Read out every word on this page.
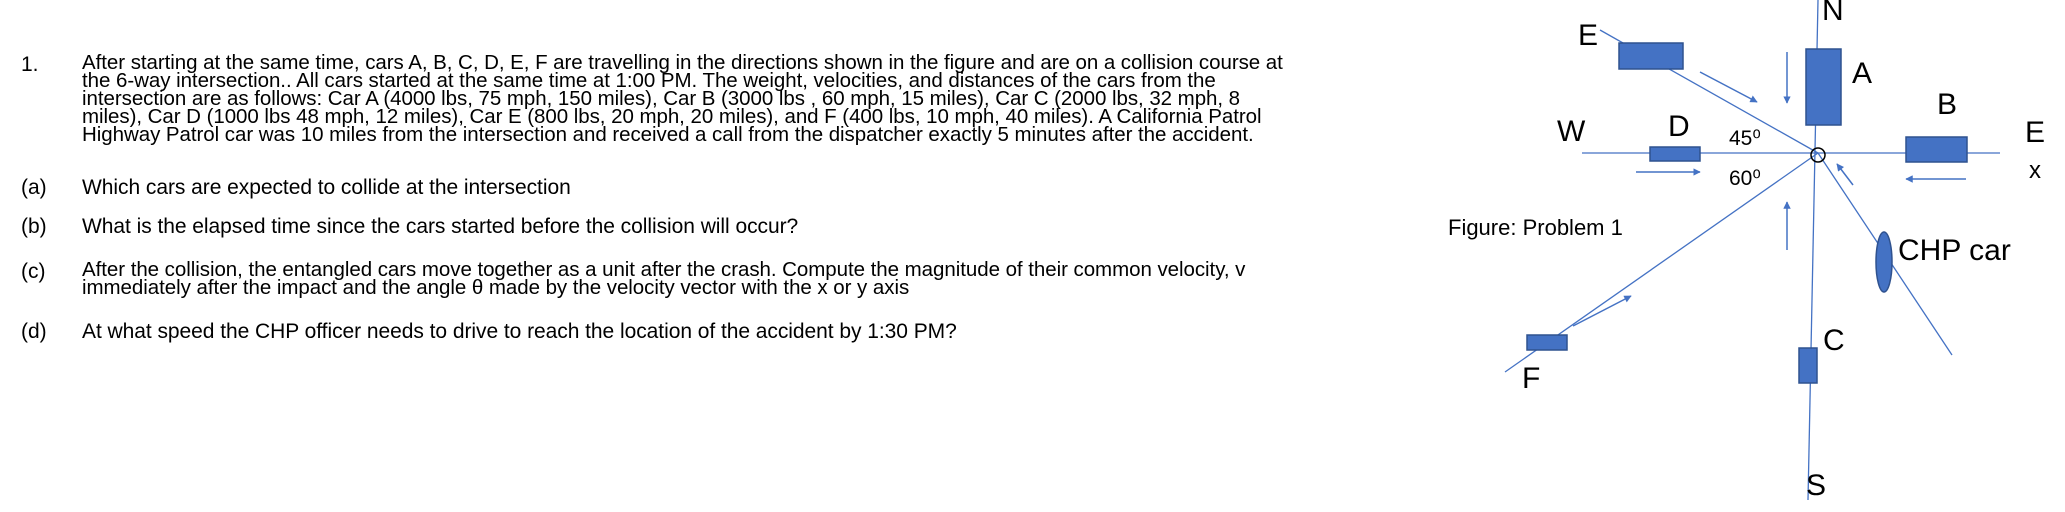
1. After starting at the same time, cars A, B, C, D, E, F are travelling in the directions shown in the figure and are on a collision course at
the 6-way intersection.. All cars started at the same time at 1:00 PM. The weight, velocities, and distances of the cars from the
intersection are as follows: Car A (4000 lbs, 75 mph, 150 miles), Car B (3000 lbs , 60 mph, 15 miles), Car C (2000 lbs, 32 mph, 8
miles), Car D (1000 lbs 48 mph, 12 miles), Car E (800 lbs, 20 mph, 20 miles), and F (400 lbs, 10 mph, 40 miles). A California Patrol
Highway Patrol car was 10 miles from the intersection and received a call from the dispatcher exactly 5 minutes after the accident.
(a) Which cars are expected to collide at the intersection
(b) What is the elapsed time since the cars started before the collision will occur?
(c) After the collision, the entangled cars move together as a unit after the crash. Compute the magnitude of their common velocity, v
immediately after the impact and the angle θ made by the velocity vector with the x or y axis
(d) At what speed the CHP officer needs to drive to reach the location of the accident by 1:30 PM?
N
S
E
W
x
A
B
C
D
E
F
45⁰
60⁰
CHP car
Figure: Problem 1
